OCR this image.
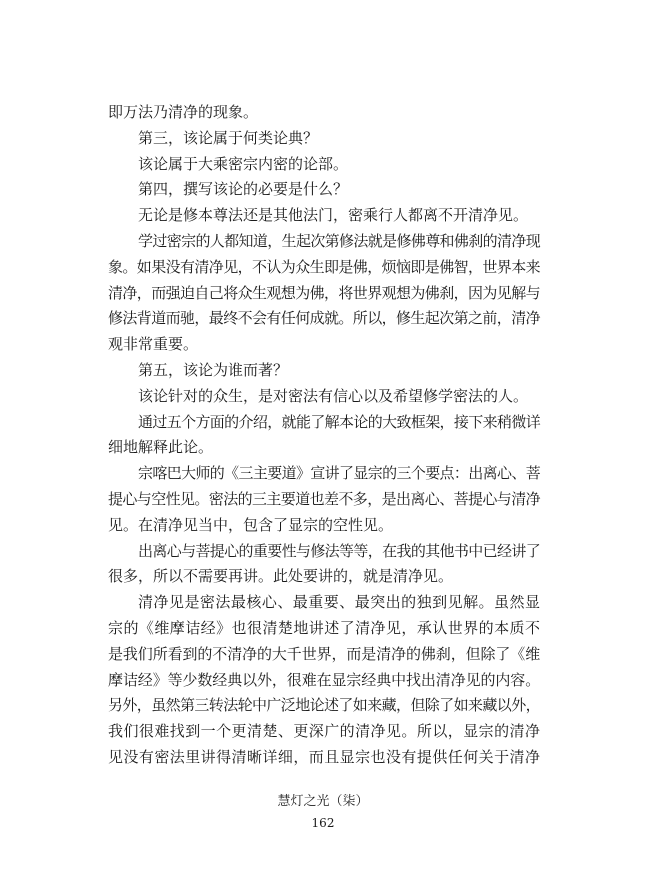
即万法乃清净的现象。
第三，该论属于何类论典？
该论属于大乘密宗内密的论部。
第四，撰写该论的必要是什么？
无论是修本尊法还是其他法门，密乘行人都离不开清净见。
学过密宗的人都知道，生起次第修法就是修佛尊和佛刹的清净现
象。如果没有清净见，不认为众生即是佛，烦恼即是佛智，世界本来
清净，而强迫自己将众生观想为佛，将世界观想为佛刹，因为见解与
修法背道而驰，最终不会有任何成就。所以，修生起次第之前，清净
观非常重要。
第五，该论为谁而著？
该论针对的众生，是对密法有信心以及希望修学密法的人。
通过五个方面的介绍，就能了解本论的大致框架，接下来稍微详
细地解释此论。
宗喀巴大师的《三主要道》宣讲了显宗的三个要点：出离心、菩
提心与空性见。密法的三主要道也差不多，是出离心、菩提心与清净
见。在清净见当中，包含了显宗的空性见。
出离心与菩提心的重要性与修法等等，在我的其他书中已经讲了
很多，所以不需要再讲。此处要讲的，就是清净见。
清净见是密法最核心、最重要、最突出的独到见解。虽然显
宗的《维摩诘经》也很清楚地讲述了清净见，承认世界的本质不
是我们所看到的不清净的大千世界，而是清净的佛刹，但除了《维
摩诘经》等少数经典以外，很难在显宗经典中找出清净见的内容。
另外，虽然第三转法轮中广泛地论述了如来藏，但除了如来藏以外，
我们很难找到一个更清楚、更深广的清净见。所以，显宗的清净
见没有密法里讲得清晰详细，而且显宗也没有提供任何关于清净
慧灯之光（柒）
162
